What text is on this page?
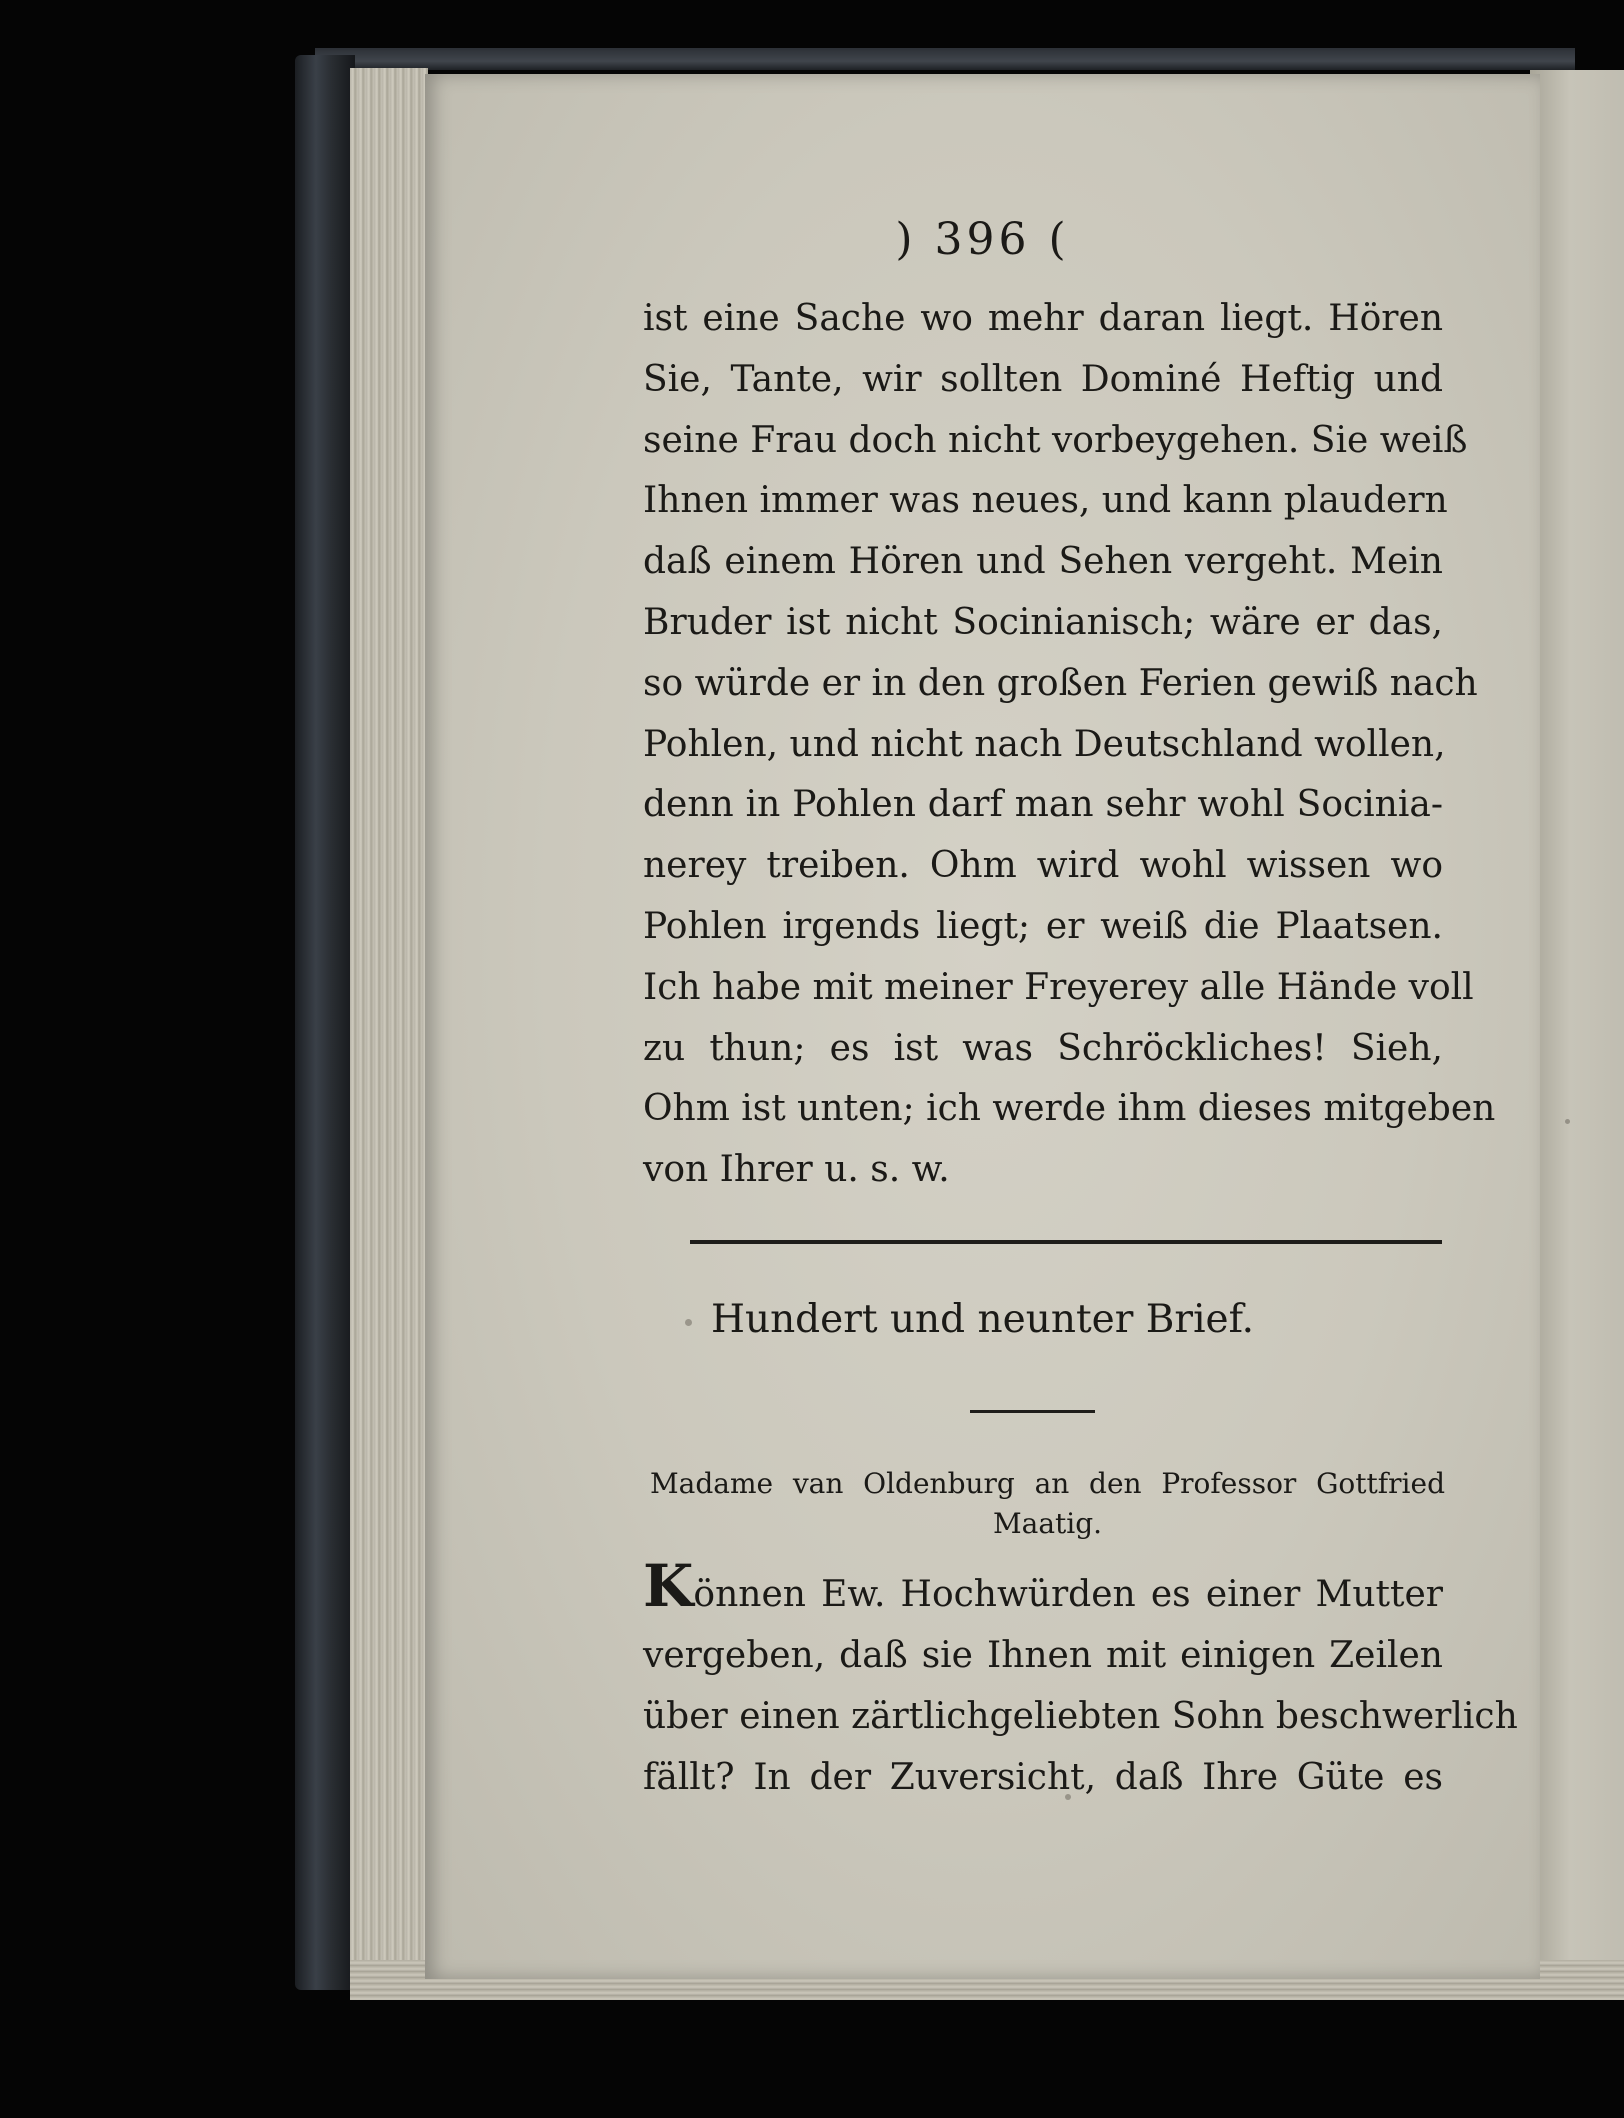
) 396 (
ist eine Sache wo mehr daran liegt. Hören
Sie, Tante, wir sollten Dominé Heftig und
seine Frau doch nicht vorbeygehen. Sie weiß
Ihnen immer was neues, und kann plaudern
daß einem Hören und Sehen vergeht. Mein
Bruder ist nicht Socinianisch; wäre er das,
so würde er in den großen Ferien gewiß nach
Pohlen, und nicht nach Deutschland wollen,
denn in Pohlen darf man sehr wohl Sociniа-
nerey treiben. Ohm wird wohl wissen wo
Pohlen irgends liegt; er weiß die Plaatsen.
Ich habe mit meiner Freyerey alle Hände voll
zu thun; es ist was Schröckliches! Sieh,
Ohm ist unten; ich werde ihm dieses mitgeben
von Ihrer u. s. w.
Hundert und neunter Brief.
Madame van Oldenburg an den Professor Gottfried
Maatig.
Können Ew. Hochwürden es einer Mutter
vergeben, daß sie Ihnen mit einigen Zeilen
über einen zärtlichgeliebten Sohn beschwerlich
fällt? In der Zuversicht, daß Ihre Güte es
